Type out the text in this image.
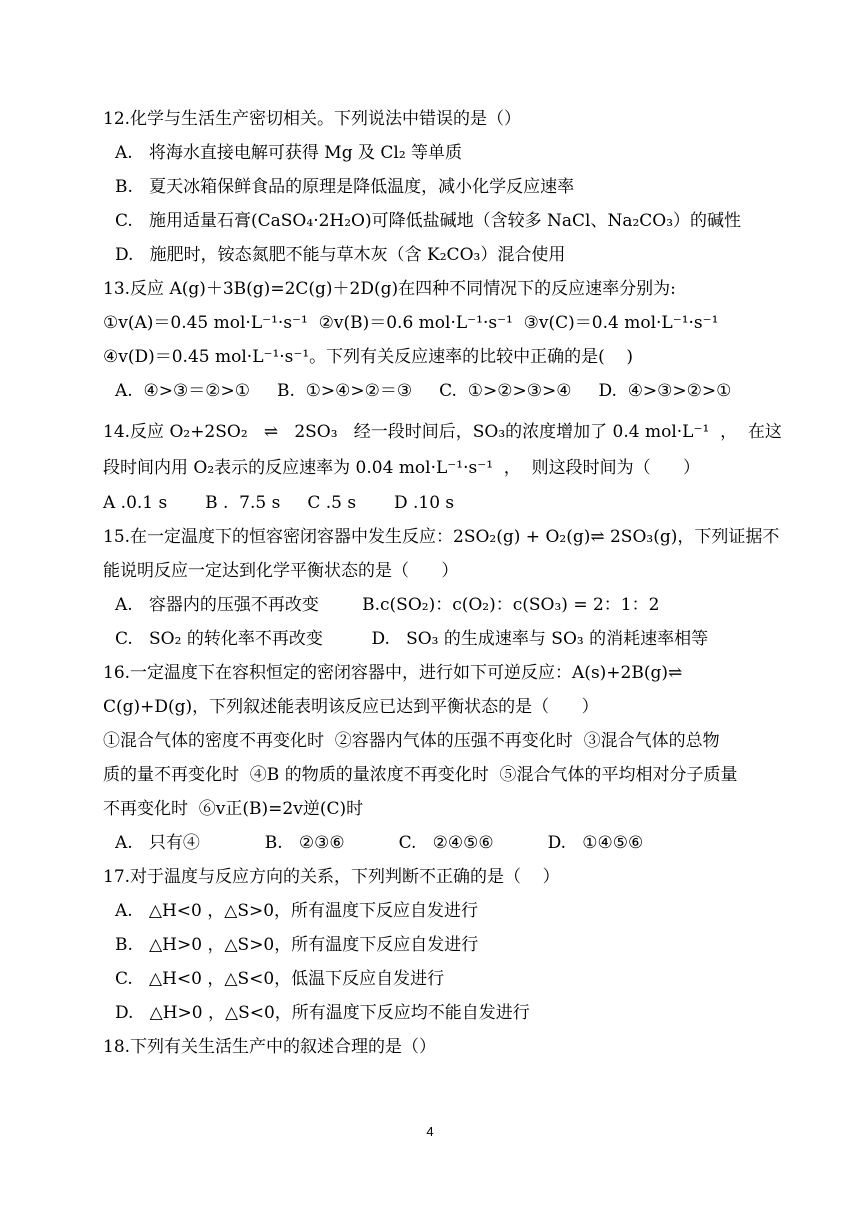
12.化学与生活生产密切相关。下列说法中错误的是（）
A.   将海水直接电解可获得 Mg 及 Cl₂ 等单质
B.   夏天冰箱保鲜食品的原理是降低温度，减小化学反应速率
C.   施用适量石膏(CaSO₄·2H₂O)可降低盐碱地（含较多 NaCl、Na₂CO₃）的碱性
D.   施肥时，铵态氮肥不能与草木灰（含 K₂CO₃）混合使用
13.反应 A(g)＋3B(g)=2C(g)＋2D(g)在四种不同情况下的反应速率分别为:
①v(A)＝0.45 mol·L⁻¹·s⁻¹  ②v(B)＝0.6 mol·L⁻¹·s⁻¹  ③v(C)＝0.4 mol·L⁻¹·s⁻¹
④v(D)＝0.45 mol·L⁻¹·s⁻¹。下列有关反应速率的比较中正确的是(    )
A.  ④>③＝②>①     B.  ①>④>②＝③     C.  ①>②>③>④     D.  ④>③>②>①
14.反应 O₂+2SO₂   ⇌   2SO₃   经一段时间后，SO₃的浓度增加了 0.4 mol·L⁻¹  ，  在这
段时间内用 O₂表示的反应速率为 0.04 mol·L⁻¹·s⁻¹  ，  则这段时间为（      ）
A .0.1 s       B .  7.5 s     C .5 s       D .10 s
15.在一定温度下的恒容密闭容器中发生反应：2SO₂(g) + O₂(g)⇌ 2SO₃(g)，下列证据不
能说明反应一定达到化学平衡状态的是（      ）
A.   容器内的压强不再改变        B.c(SO₂)：c(O₂)：c(SO₃) = 2：1：2
C.   SO₂ 的转化率不再改变         D.   SO₃ 的生成速率与 SO₃ 的消耗速率相等
16.一定温度下在容积恒定的密闭容器中，进行如下可逆反应：A(s)+2B(g)⇌
C(g)+D(g)，下列叙述能表明该反应已达到平衡状态的是（      ）
①混合气体的密度不再变化时  ②容器内气体的压强不再变化时  ③混合气体的总物
质的量不再变化时  ④B 的物质的量浓度不再变化时  ⑤混合气体的平均相对分子质量
不再变化时  ⑥v正(B)=2v逆(C)时
A.   只有④            B.   ②③⑥          C.   ②④⑤⑥          D.   ①④⑤⑥
17.对于温度与反应方向的关系，下列判断不正确的是（    ）
A.   △H<0 ，△S>0，所有温度下反应自发进行
B.   △H>0 ，△S>0，所有温度下反应自发进行
C.   △H<0 ，△S<0，低温下反应自发进行
D.   △H>0 ，△S<0，所有温度下反应均不能自发进行
18.下列有关生活生产中的叙述合理的是（）
4
